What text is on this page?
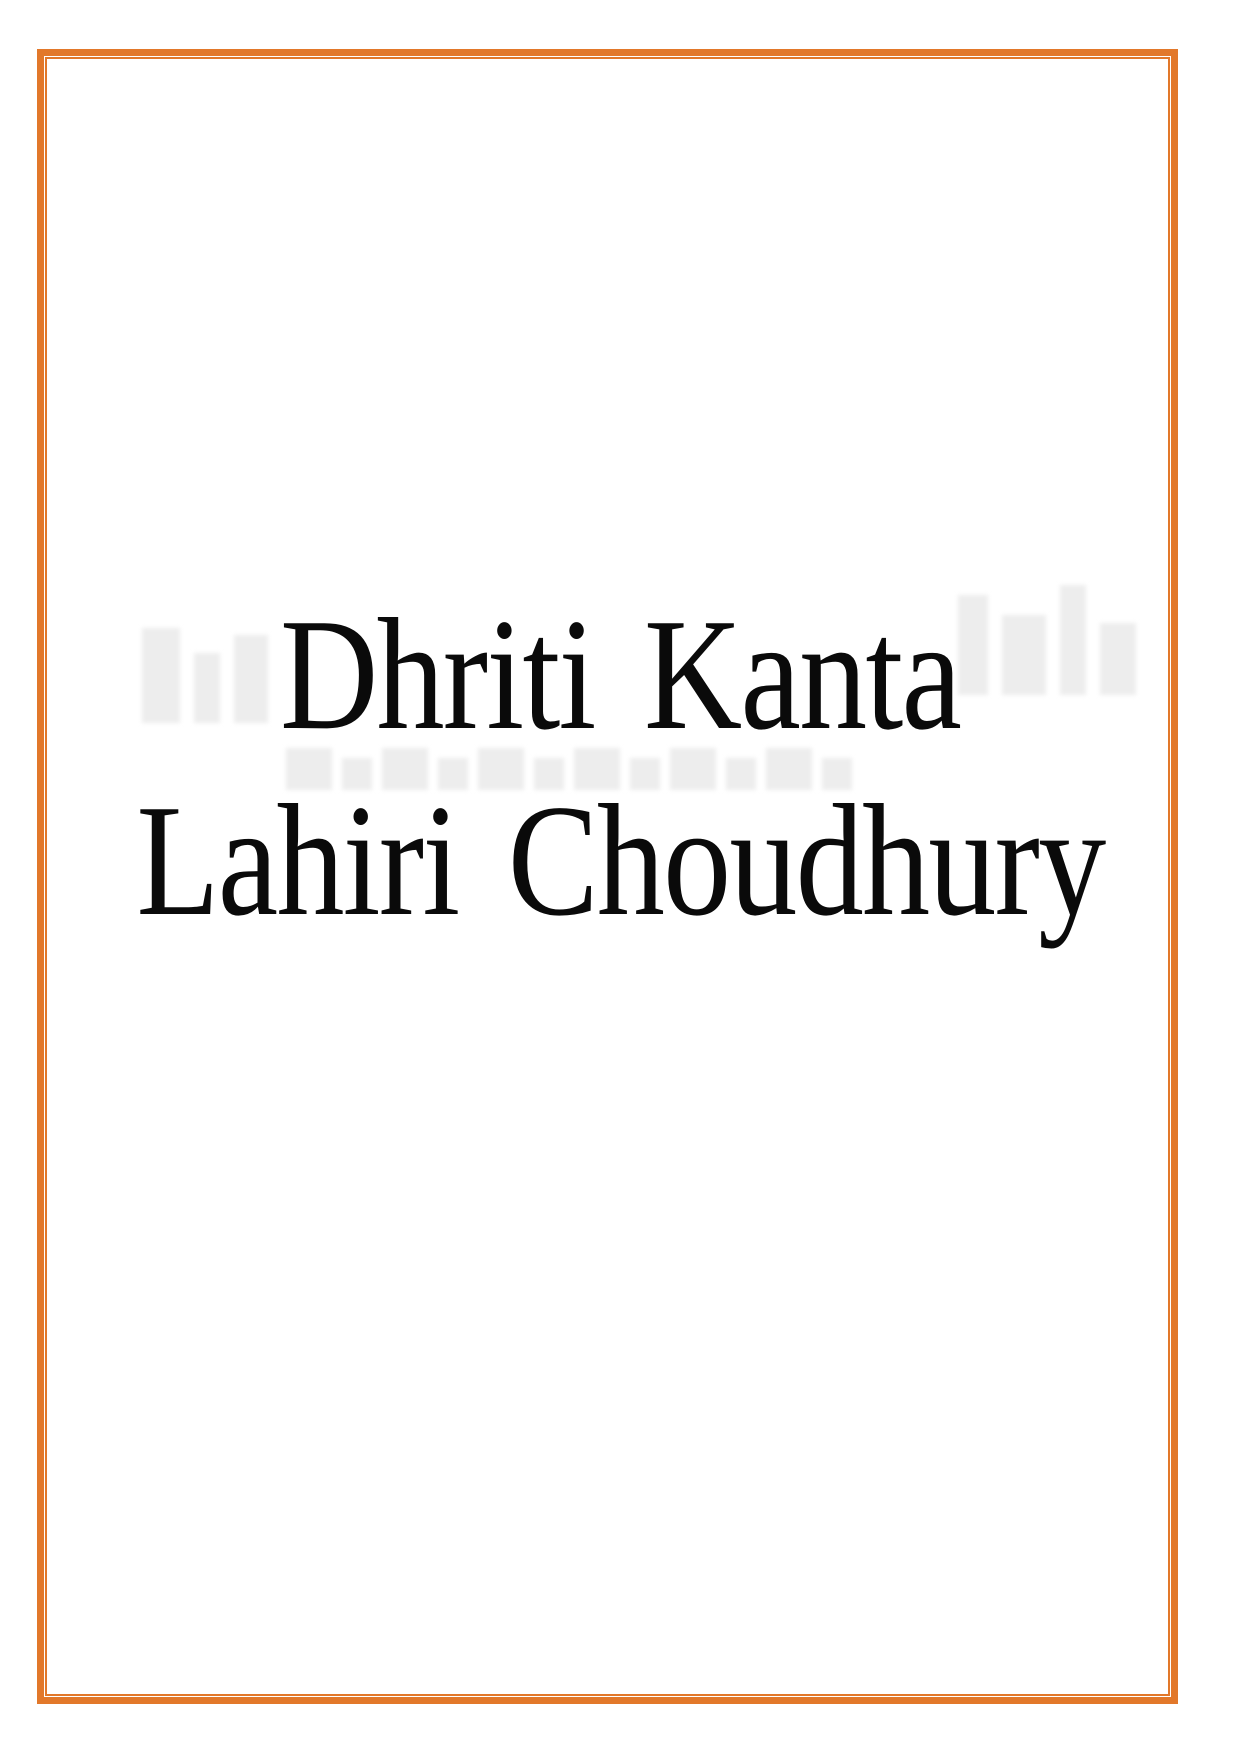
Dhriti Kanta
Lahiri Choudhury
